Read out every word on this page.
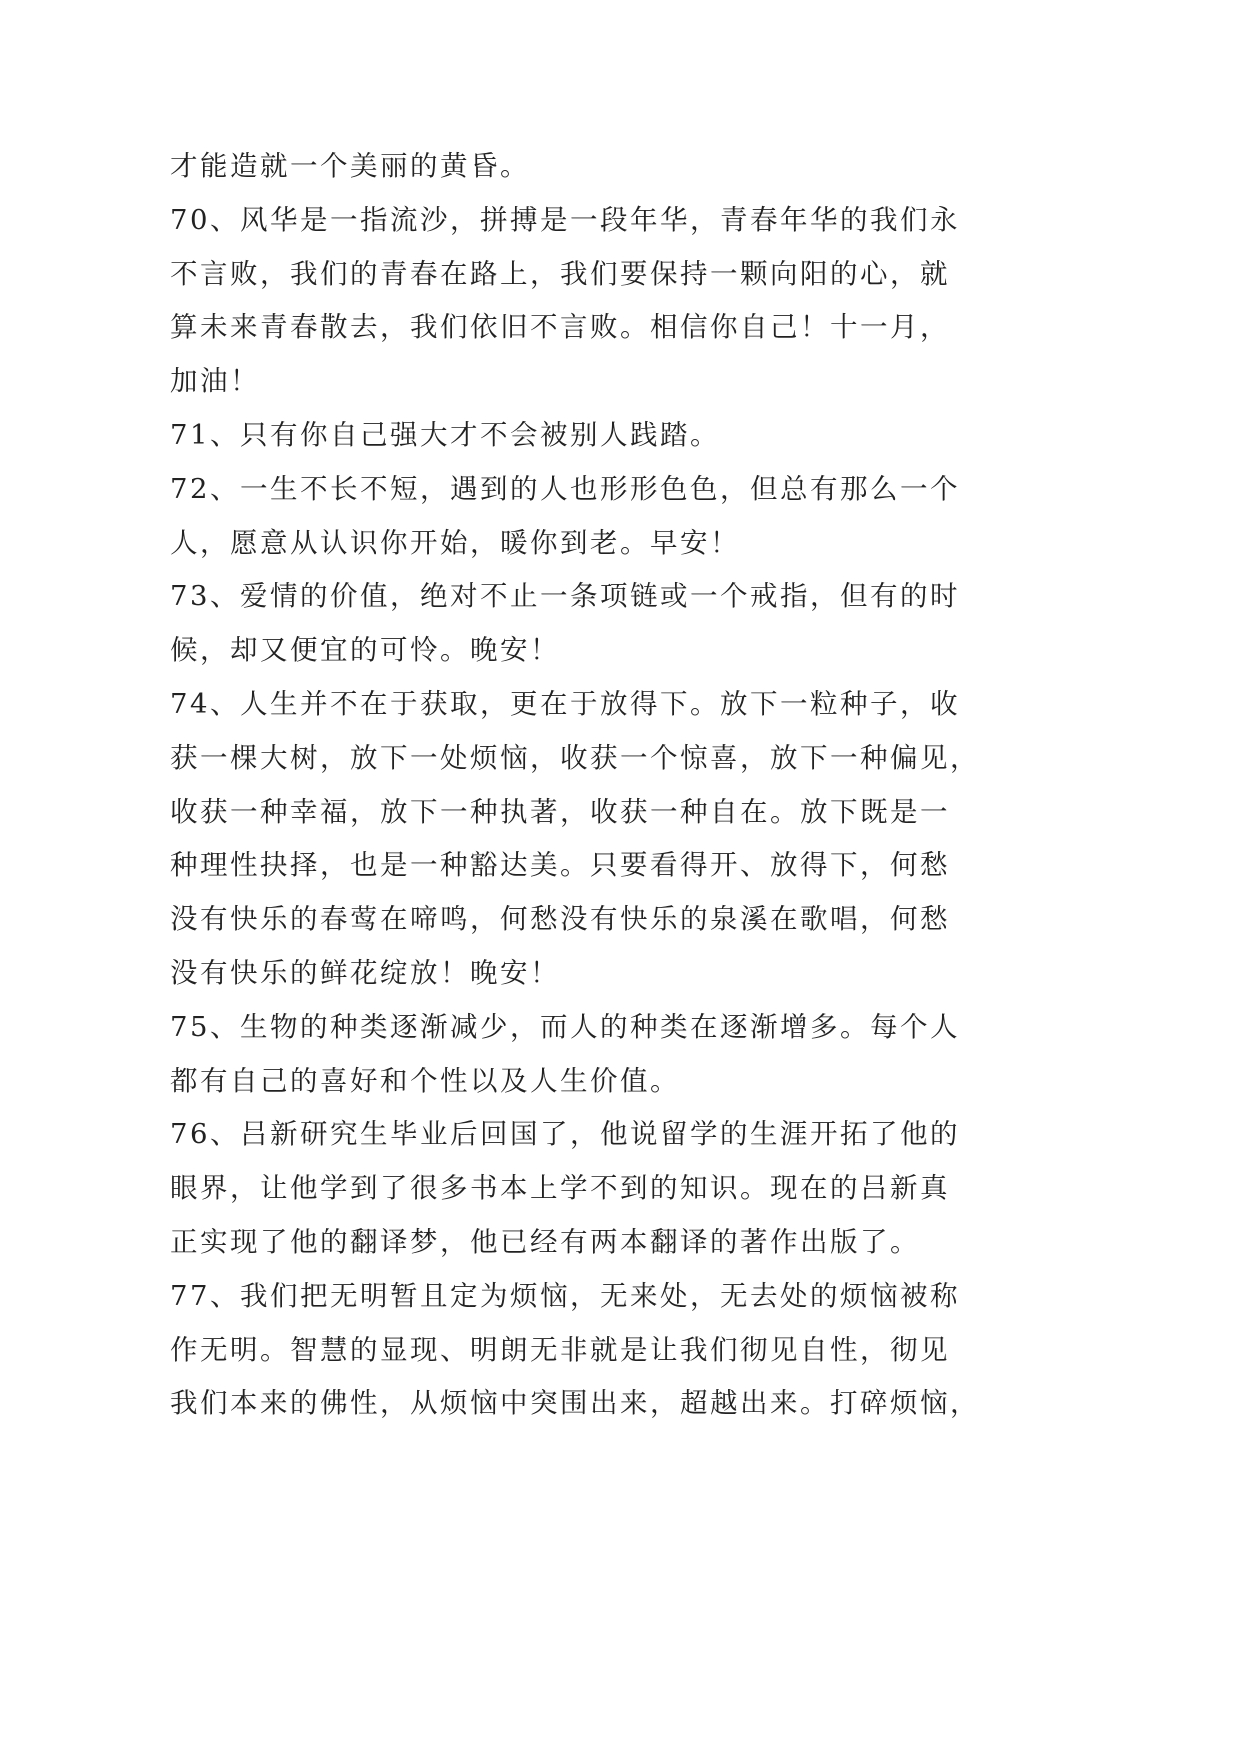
才能造就一个美丽的黄昏。
70、风华是一指流沙，拼搏是一段年华，青春年华的我们永
不言败，我们的青春在路上，我们要保持一颗向阳的心，就
算未来青春散去，我们依旧不言败。相信你自己！十一月，
加油！
71、只有你自己强大才不会被别人践踏。
72、一生不长不短，遇到的人也形形色色，但总有那么一个
人，愿意从认识你开始，暖你到老。早安！
73、爱情的价值，绝对不止一条项链或一个戒指，但有的时
候，却又便宜的可怜。晚安！
74、人生并不在于获取，更在于放得下。放下一粒种子，收
获一棵大树，放下一处烦恼，收获一个惊喜，放下一种偏见，
收获一种幸福，放下一种执著，收获一种自在。放下既是一
种理性抉择，也是一种豁达美。只要看得开、放得下，何愁
没有快乐的春莺在啼鸣，何愁没有快乐的泉溪在歌唱，何愁
没有快乐的鲜花绽放！晚安！
75、生物的种类逐渐减少，而人的种类在逐渐增多。每个人
都有自己的喜好和个性以及人生价值。
76、吕新研究生毕业后回国了，他说留学的生涯开拓了他的
眼界，让他学到了很多书本上学不到的知识。现在的吕新真
正实现了他的翻译梦，他已经有两本翻译的著作出版了。
77、我们把无明暂且定为烦恼，无来处，无去处的烦恼被称
作无明。智慧的显现、明朗无非就是让我们彻见自性，彻见
我们本来的佛性，从烦恼中突围出来，超越出来。打碎烦恼，
